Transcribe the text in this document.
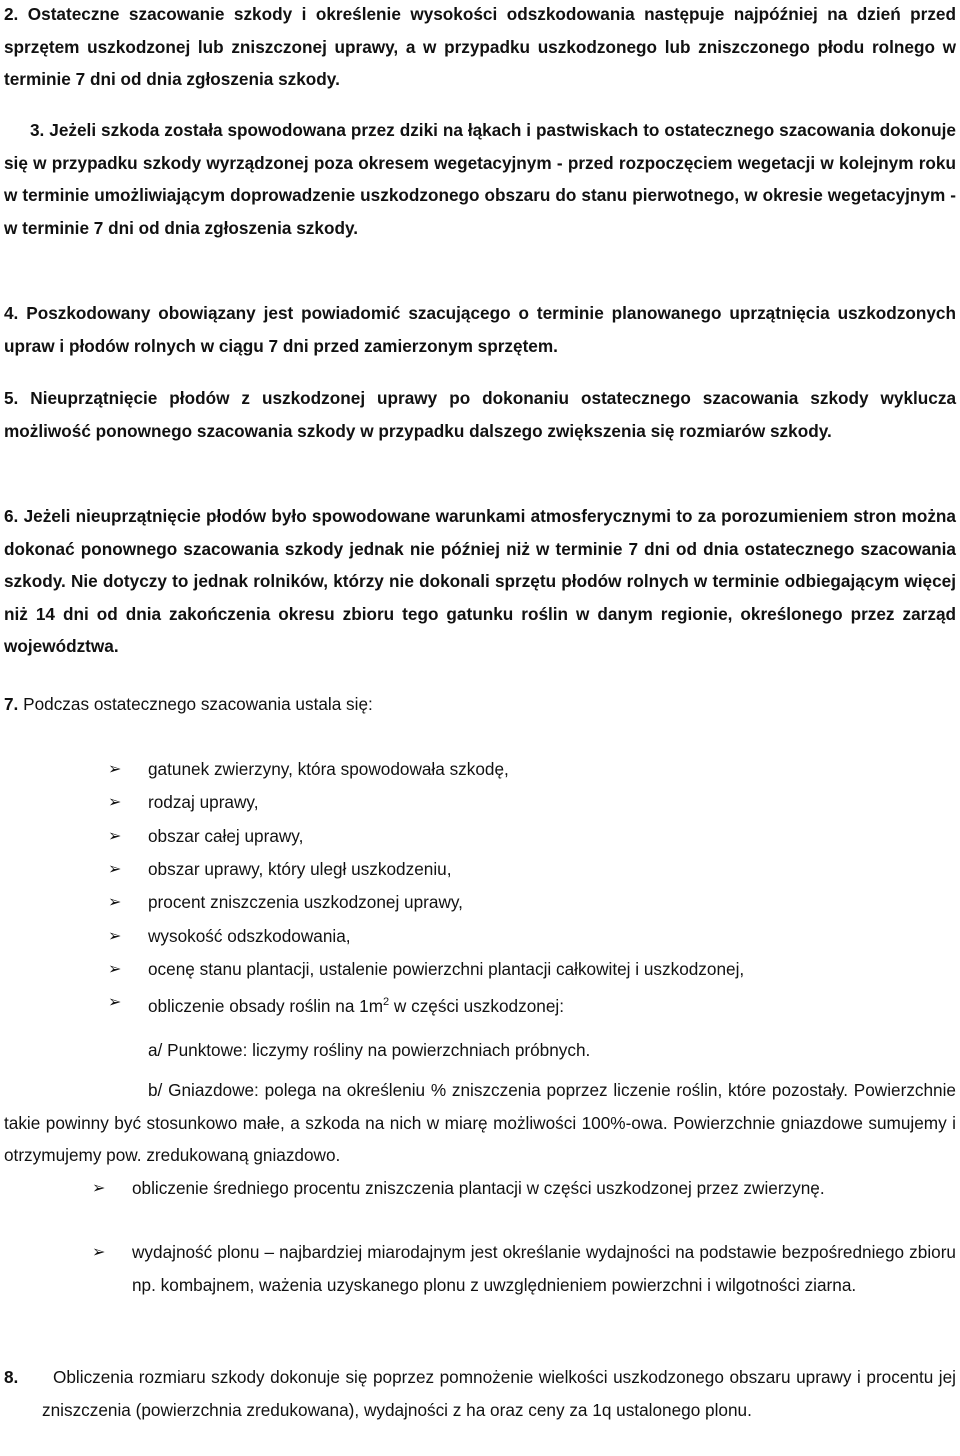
2. Ostateczne szacowanie szkody i określenie wysokości odszkodowania następuje najpóźniej na dzień przed sprzętem uszkodzonej lub zniszczonej uprawy, a w przypadku uszkodzonego lub zniszczonego płodu rolnego w terminie 7 dni od dnia zgłoszenia szkody.

3. Jeżeli szkoda została spowodowana przez dziki na łąkach i pastwiskach to ostatecznego szacowania dokonuje się w przypadku szkody wyrządzonej poza okresem wegetacyjnym - przed rozpoczęciem wegetacji w kolejnym roku w terminie umożliwiającym doprowadzenie uszkodzonego obszaru do stanu pierwotnego, w okresie wegetacyjnym - w terminie 7 dni od dnia zgłoszenia szkody.

4. Poszkodowany obowiązany jest powiadomić szacującego o terminie planowanego uprzątnięcia uszkodzonych upraw i płodów rolnych w ciągu 7 dni przed zamierzonym sprzętem.

5. Nieuprzątnięcie płodów z uszkodzonej uprawy po dokonaniu ostatecznego szacowania szkody wyklucza możliwość ponownego szacowania szkody w przypadku dalszego zwiększenia się rozmiarów szkody.

6. Jeżeli nieuprzątnięcie płodów było spowodowane warunkami atmosferycznymi to za porozumieniem stron można dokonać ponownego szacowania szkody jednak nie później niż w terminie 7 dni od dnia ostatecznego szacowania szkody. Nie dotyczy to jednak rolników, którzy nie dokonali sprzętu płodów rolnych w terminie odbiegającym więcej niż 14 dni od dnia zakończenia okresu zbioru tego gatunku roślin w danym regionie, określonego przez zarząd województwa.

7. Podczas ostatecznego szacowania ustala się:

➢	gatunek zwierzyny, która spowodowała szkodę,
➢	rodzaj uprawy,
➢	obszar całej uprawy,
➢	obszar uprawy, który uległ uszkodzeniu,
➢	procent zniszczenia uszkodzonej uprawy,
➢	wysokość odszkodowania,
➢	ocenę stanu plantacji, ustalenie powierzchni plantacji całkowitej i uszkodzonej,
➢	obliczenie obsady roślin na $1m^2$ w części uszkodzonej:

a/ Punktowe: liczymy rośliny na powierzchniach próbnych.

b/ Gniazdowe: polega na określeniu % zniszczenia poprzez liczenie roślin, które pozostały. Powierzchnie takie powinny być stosunkowo małe, a szkoda na nich w miarę możliwości 100%-owa. Powierzchnie gniazdowe sumujemy i otrzymujemy pow. zredukowaną gniazdowo.

➢ obliczenie średniego procentu zniszczenia plantacji w części uszkodzonej przez zwierzynę.
➢ wydajność plonu – najbardziej miarodajnym jest określanie wydajności na podstawie bezpośredniego zbioru np. kombajnem, ważenia uzyskanego plonu z uwzględnieniem powierzchni i wilgotności ziarna.
8.	Obliczenia rozmiaru szkody dokonuje się poprzez pomnożenie wielkości uszkodzonego obszaru uprawy i procentu jej zniszczenia (powierzchnia zredukowana), wydajności z ha oraz ceny za 1q ustalonego plonu.
